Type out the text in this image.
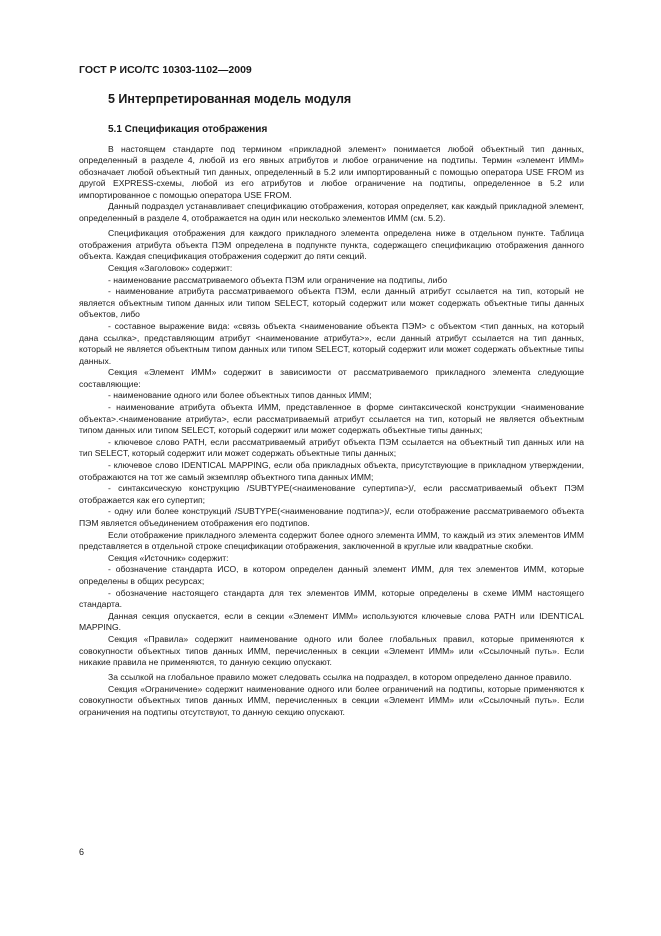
ГОСТ Р ИСО/ТС 10303-1102—2009
5 Интерпретированная модель модуля
5.1 Спецификация отображения

В настоящем стандарте под термином «прикладной элемент» понимается любой объектный тип данных, определенный в разделе 4, любой из его явных атрибутов и любое ограничение на подтипы. Термин «элемент ИММ» обозначает любой объектный тип данных, определенный в 5.2 или импортированный с помощью оператора USE FROM из другой EXPRESS-схемы, любой из его атрибутов и любое ограничение на подтипы, определенное в 5.2 или импортированное с помощью оператора USE FROM.

Данный подраздел устанавливает спецификацию отображения, которая определяет, как каждый прикладной элемент, определенный в разделе 4, отображается на один или несколько элементов ИММ (см. 5.2).

Спецификация отображения для каждого прикладного элемента определена ниже в отдельном пункте. Таблица отображения атрибута объекта ПЭМ определена в подпункте пункта, содержащего спецификацию отображения данного объекта. Каждая спецификация отображения содержит до пяти секций.

Секция «Заголовок» содержит:

- наименование рассматриваемого объекта ПЭМ или ограничение на подтипы, либо

- наименование атрибута рассматриваемого объекта ПЭМ, если данный атрибут ссылается на тип, который не является объектным типом данных или типом SELECT, который содержит или может содержать объектные типы данных объектов, либо

- составное выражение вида: «связь объекта <наименование объекта ПЭМ> с объектом <тип данных, на который дана ссылка>, представляющим атрибут <наименование атрибута>», если данный атрибут ссылается на тип данных, который не является объектным типом данных или типом SELECT, который содержит или может содержать объектные типы данных.

Секция «Элемент ИММ» содержит в зависимости от рассматриваемого прикладного элемента следующие составляющие:

- наименование одного или более объектных типов данных ИММ;

- наименование атрибута объекта ИММ, представленное в форме синтаксической конструкции <наименование объекта>.<наименование атрибута>, если рассматриваемый атрибут ссылается на тип, который не является объектным типом данных или типом SELECT, который содержит или может содержать объектные типы данных;

- ключевое слово PATH, если рассматриваемый атрибут объекта ПЭМ ссылается на объектный тип данных или на тип SELECT, который содержит или может содержать объектные типы данных;

- ключевое слово IDENTICAL MAPPING, если оба прикладных объекта, присутствующие в прикладном утверждении, отображаются на тот же самый экземпляр объектного типа данных ИММ;

- синтаксическую конструкцию /SUBTYPE(<наименование супертипа>)/, если рассматриваемый объект ПЭМ отображается как его супертип;

- одну или более конструкций /SUBTYPE(<наименование подтипа>)/, если отображение рассматриваемого объекта ПЭМ является объединением отображения его подтипов.

Если отображение прикладного элемента содержит более одного элемента ИММ, то каждый из этих элементов ИММ представляется в отдельной строке спецификации отображения, заключенной в круглые или квадратные скобки.

Секция «Источник» содержит:

- обозначение стандарта ИСО, в котором определен данный элемент ИММ, для тех элементов ИММ, которые определены в общих ресурсах;

- обозначение настоящего стандарта для тех элементов ИММ, которые определены в схеме ИММ настоящего стандарта.

Данная секция опускается, если в секции «Элемент ИММ» используются ключевые слова PATH или IDENTICAL MAPPING.

Секция «Правила» содержит наименование одного или более глобальных правил, которые применяются к совокупности объектных типов данных ИММ, перечисленных в секции «Элемент ИММ» или «Ссылочный путь». Если никакие правила не применяются, то данную секцию опускают.

За ссылкой на глобальное правило может следовать ссылка на подраздел, в котором определено данное правило.

Секция «Ограничение» содержит наименование одного или более ограничений на подтипы, которые применяются к совокупности объектных типов данных ИММ, перечисленных в секции «Элемент ИММ» или «Ссылочный путь». Если ограничения на подтипы отсутствуют, то данную секцию опускают.

6
